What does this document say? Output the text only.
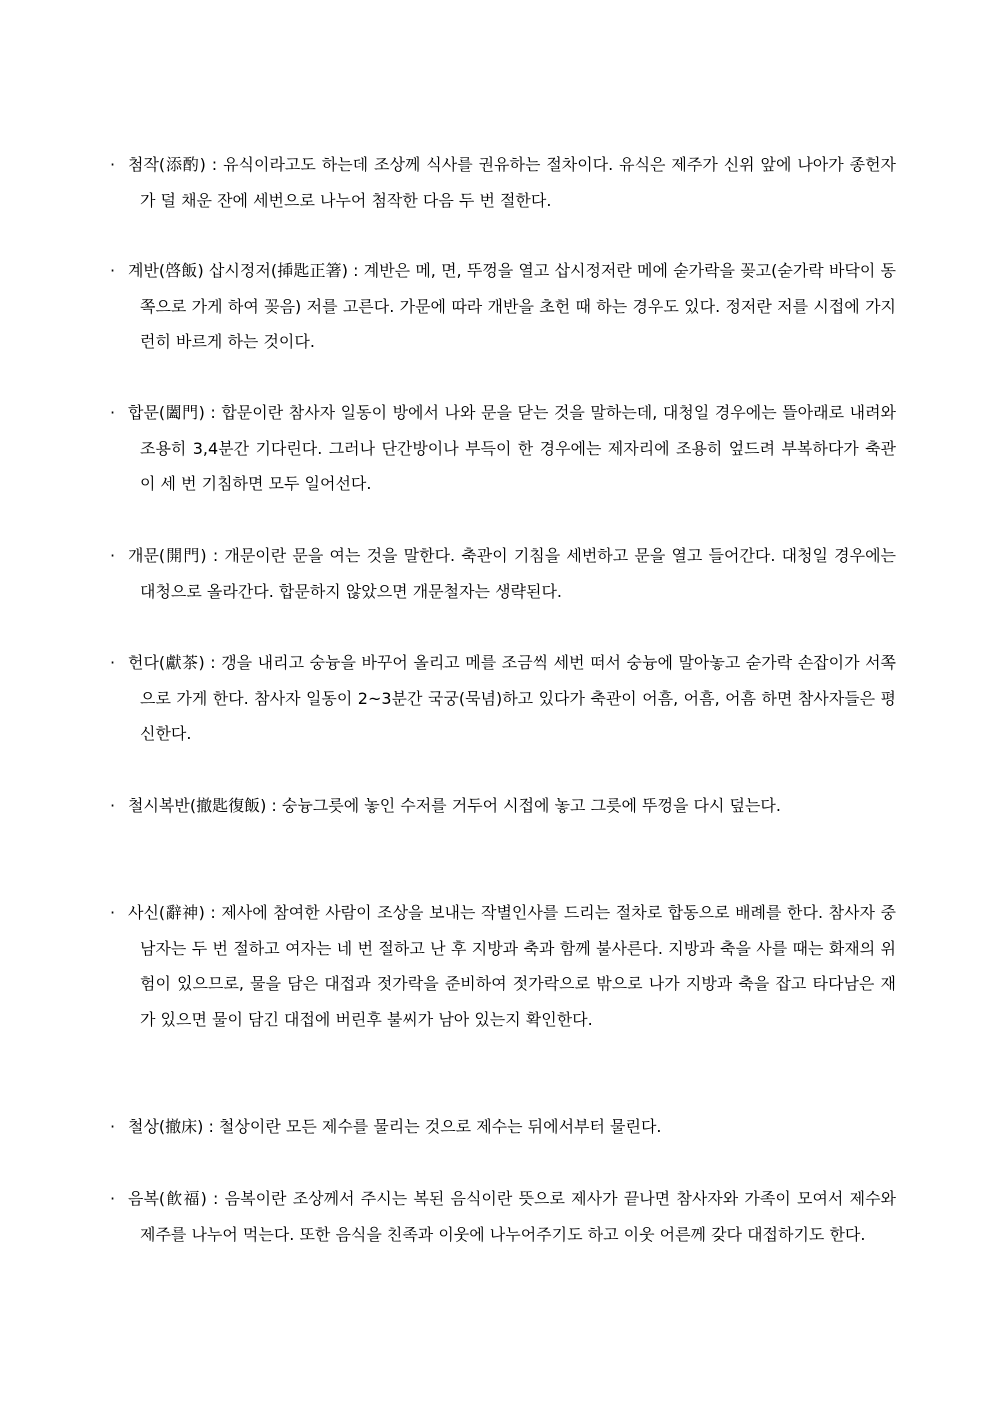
· 첨작(添酌) : 유식이라고도 하는데 조상께 식사를 권유하는 절차이다. 유식은 제주가 신위 앞에 나아가 종헌자가 덜 채운 잔에 세번으로 나누어 첨작한 다음 두 번 절한다.
· 계반(啓飯) 삽시정저(揷匙正箸) : 계반은 메, 면, 뚜껑을 열고 삽시정저란 메에 숟가락을 꽂고(숟가락 바닥이 동쪽으로 가게 하여 꽂음) 저를 고른다. 가문에 따라 개반을 초헌 때 하는 경우도 있다. 정저란 저를 시접에 가지런히 바르게 하는 것이다.
· 합문(闔門) : 합문이란 참사자 일동이 방에서 나와 문을 닫는 것을 말하는데, 대청일 경우에는 뜰아래로 내려와 조용히 3,4분간 기다린다. 그러나 단간방이나 부득이 한 경우에는 제자리에 조용히 엎드려 부복하다가 축관이 세 번 기침하면 모두 일어선다.
· 개문(開門) : 개문이란 문을 여는 것을 말한다. 축관이 기침을 세번하고 문을 열고 들어간다. 대청일 경우에는 대청으로 올라간다. 합문하지 않았으면 개문철자는 생략된다.
· 헌다(獻茶) : 갱을 내리고 숭늉을 바꾸어 올리고 메를 조금씩 세번 떠서 숭늉에 말아놓고 숟가락 손잡이가 서쪽으로 가게 한다. 참사자 일동이 2~3분간 국궁(묵념)하고 있다가 축관이 어흠, 어흠, 어흠 하면 참사자들은 평신한다.
· 철시복반(撤匙復飯) : 숭늉그릇에 놓인 수저를 거두어 시접에 놓고 그릇에 뚜껑을 다시 덮는다.
· 사신(辭神) : 제사에 참여한 사람이 조상을 보내는 작별인사를 드리는 절차로 합동으로 배례를 한다. 참사자 중 남자는 두 번 절하고 여자는 네 번 절하고 난 후 지방과 축과 함께 불사른다. 지방과 축을 사를 때는 화재의 위험이 있으므로, 물을 담은 대접과 젓가락을 준비하여 젓가락으로 밖으로 나가 지방과 축을 잡고 타다남은 재가 있으면 물이 담긴 대접에 버린후 불씨가 남아 있는지 확인한다.
· 철상(撤床) : 철상이란 모든 제수를 물리는 것으로 제수는 뒤에서부터 물린다.
· 음복(飮福) : 음복이란 조상께서 주시는 복된 음식이란 뜻으로 제사가 끝나면 참사자와 가족이 모여서 제수와 제주를 나누어 먹는다. 또한 음식을 친족과 이웃에 나누어주기도 하고 이웃 어른께 갖다 대접하기도 한다.
